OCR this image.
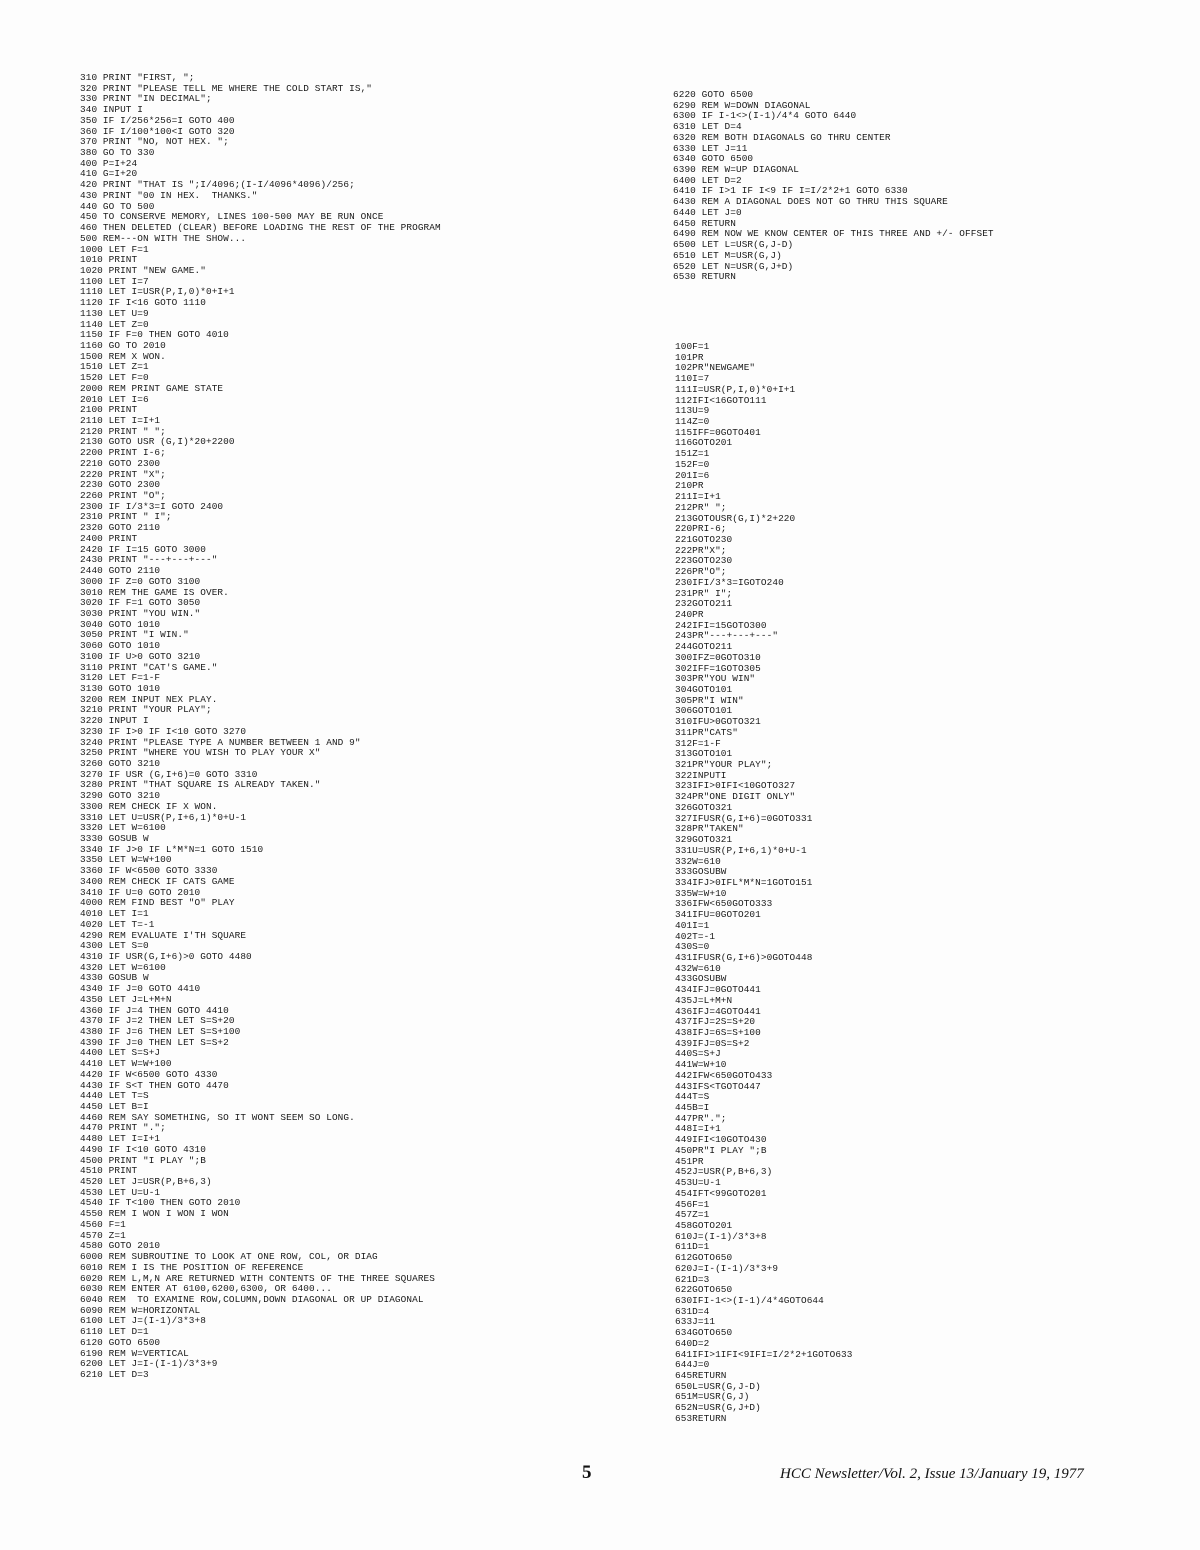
310 PRINT "FIRST, ";
320 PRINT "PLEASE TELL ME WHERE THE COLD START IS,"
330 PRINT "IN DECIMAL";
340 INPUT I
350 IF I/256*256=I GOTO 400
360 IF I/100*100<I GOTO 320
370 PRINT "NO, NOT HEX. ";
380 GO TO 330
400 P=I+24
410 G=I+20
420 PRINT "THAT IS ";I/4096;(I-I/4096*4096)/256;
430 PRINT "00 IN HEX.  THANKS."
440 GO TO 500
450 TO CONSERVE MEMORY, LINES 100-500 MAY BE RUN ONCE
460 THEN DELETED (CLEAR) BEFORE LOADING THE REST OF THE PROGRAM
500 REM---ON WITH THE SHOW...
1000 LET F=1
1010 PRINT
1020 PRINT "NEW GAME."
1100 LET I=7
1110 LET I=USR(P,I,0)*0+I+1
1120 IF I<16 GOTO 1110
1130 LET U=9
1140 LET Z=0
1150 IF F=0 THEN GOTO 4010
1160 GO TO 2010
1500 REM X WON.
1510 LET Z=1
1520 LET F=0
2000 REM PRINT GAME STATE
2010 LET I=6
2100 PRINT
2110 LET I=I+1
2120 PRINT " ";
2130 GOTO USR (G,I)*20+2200
2200 PRINT I-6;
2210 GOTO 2300
2220 PRINT "X";
2230 GOTO 2300
2260 PRINT "O";
2300 IF I/3*3=I GOTO 2400
2310 PRINT " I";
2320 GOTO 2110
2400 PRINT
2420 IF I=15 GOTO 3000
2430 PRINT "---+---+---"
2440 GOTO 2110
3000 IF Z=0 GOTO 3100
3010 REM THE GAME IS OVER.
3020 IF F=1 GOTO 3050
3030 PRINT "YOU WIN."
3040 GOTO 1010
3050 PRINT "I WIN."
3060 GOTO 1010
3100 IF U>0 GOTO 3210
3110 PRINT "CAT'S GAME."
3120 LET F=1-F
3130 GOTO 1010
3200 REM INPUT NEX PLAY.
3210 PRINT "YOUR PLAY";
3220 INPUT I
3230 IF I>0 IF I<10 GOTO 3270
3240 PRINT "PLEASE TYPE A NUMBER BETWEEN 1 AND 9"
3250 PRINT "WHERE YOU WISH TO PLAY YOUR X"
3260 GOTO 3210
3270 IF USR (G,I+6)=0 GOTO 3310
3280 PRINT "THAT SQUARE IS ALREADY TAKEN."
3290 GOTO 3210
3300 REM CHECK IF X WON.
3310 LET U=USR(P,I+6,1)*0+U-1
3320 LET W=6100
3330 GOSUB W
3340 IF J>0 IF L*M*N=1 GOTO 1510
3350 LET W=W+100
3360 IF W<6500 GOTO 3330
3400 REM CHECK IF CATS GAME
3410 IF U=0 GOTO 2010
4000 REM FIND BEST "O" PLAY
4010 LET I=1
4020 LET T=-1
4290 REM EVALUATE I'TH SQUARE
4300 LET S=0
4310 IF USR(G,I+6)>0 GOTO 4480
4320 LET W=6100
4330 GOSUB W
4340 IF J=0 GOTO 4410
4350 LET J=L+M+N
4360 IF J=4 THEN GOTO 4410
4370 IF J=2 THEN LET S=S+20
4380 IF J=6 THEN LET S=S+100
4390 IF J=0 THEN LET S=S+2
4400 LET S=S+J
4410 LET W=W+100
4420 IF W<6500 GOTO 4330
4430 IF S<T THEN GOTO 4470
4440 LET T=S
4450 LET B=I
4460 REM SAY SOMETHING, SO IT WONT SEEM SO LONG.
4470 PRINT ".";
4480 LET I=I+1
4490 IF I<10 GOTO 4310
4500 PRINT "I PLAY ";B
4510 PRINT
4520 LET J=USR(P,B+6,3)
4530 LET U=U-1
4540 IF T<100 THEN GOTO 2010
4550 REM I WON I WON I WON
4560 F=1
4570 Z=1
4580 GOTO 2010
6000 REM SUBROUTINE TO LOOK AT ONE ROW, COL, OR DIAG
6010 REM I IS THE POSITION OF REFERENCE
6020 REM L,M,N ARE RETURNED WITH CONTENTS OF THE THREE SQUARES
6030 REM ENTER AT 6100,6200,6300, OR 6400...
6040 REM  TO EXAMINE ROW,COLUMN,DOWN DIAGONAL OR UP DIAGONAL
6090 REM W=HORIZONTAL
6100 LET J=(I-1)/3*3+8
6110 LET D=1
6120 GOTO 6500
6190 REM W=VERTICAL
6200 LET J=I-(I-1)/3*3+9
6210 LET D=3
6220 GOTO 6500
6290 REM W=DOWN DIAGONAL
6300 IF I-1<>(I-1)/4*4 GOTO 6440
6310 LET D=4
6320 REM BOTH DIAGONALS GO THRU CENTER
6330 LET J=11
6340 GOTO 6500
6390 REM W=UP DIAGONAL
6400 LET D=2
6410 IF I>1 IF I<9 IF I=I/2*2+1 GOTO 6330
6430 REM A DIAGONAL DOES NOT GO THRU THIS SQUARE
6440 LET J=0
6450 RETURN
6490 REM NOW WE KNOW CENTER OF THIS THREE AND +/- OFFSET
6500 LET L=USR(G,J-D)
6510 LET M=USR(G,J)
6520 LET N=USR(G,J+D)
6530 RETURN
100F=1
101PR
102PR"NEWGAME"
110I=7
111I=USR(P,I,0)*0+I+1
112IFI<16GOTO111
113U=9
114Z=0
115IFF=0GOTO401
116GOTO201
151Z=1
152F=0
201I=6
210PR
211I=I+1
212PR" ";
213GOTOUSR(G,I)*2+220
220PRI-6;
221GOTO230
222PR"X";
223GOTO230
226PR"O";
230IFI/3*3=IGOTO240
231PR" I";
232GOTO211
240PR
242IFI=15GOTO300
243PR"---+---+---"
244GOTO211
300IFZ=0GOTO310
302IFF=1GOTO305
303PR"YOU WIN"
304GOTO101
305PR"I WIN"
306GOTO101
310IFU>0GOTO321
311PR"CATS"
312F=1-F
313GOTO101
321PR"YOUR PLAY";
322INPUTI
323IFI>0IFI<10GOTO327
324PR"ONE DIGIT ONLY"
326GOTO321
327IFUSR(G,I+6)=0GOTO331
328PR"TAKEN"
329GOTO321
331U=USR(P,I+6,1)*0+U-1
332W=610
333GOSUBW
334IFJ>0IFL*M*N=1GOTO151
335W=W+10
336IFW<650GOTO333
341IFU=0GOTO201
401I=1
402T=-1
430S=0
431IFUSR(G,I+6)>0GOTO448
432W=610
433GOSUBW
434IFJ=0GOTO441
435J=L+M+N
436IFJ=4GOTO441
437IFJ=2S=S+20
438IFJ=6S=S+100
439IFJ=0S=S+2
440S=S+J
441W=W+10
442IFW<650GOTO433
443IFS<TGOTO447
444T=S
445B=I
447PR".";
448I=I+1
449IFI<10GOTO430
450PR"I PLAY ";B
451PR
452J=USR(P,B+6,3)
453U=U-1
454IFT<99GOTO201
456F=1
457Z=1
458GOTO201
610J=(I-1)/3*3+8
611D=1
612GOTO650
620J=I-(I-1)/3*3+9
621D=3
622GOTO650
630IFI-1<>(I-1)/4*4GOTO644
631D=4
633J=11
634GOTO650
640D=2
641IFI>1IFI<9IFI=I/2*2+1GOTO633
644J=0
645RETURN
650L=USR(G,J-D)
651M=USR(G,J)
652N=USR(G,J+D)
653RETURN
5	HCC Newsletter/Vol. 2, Issue 13/January 19, 1977
